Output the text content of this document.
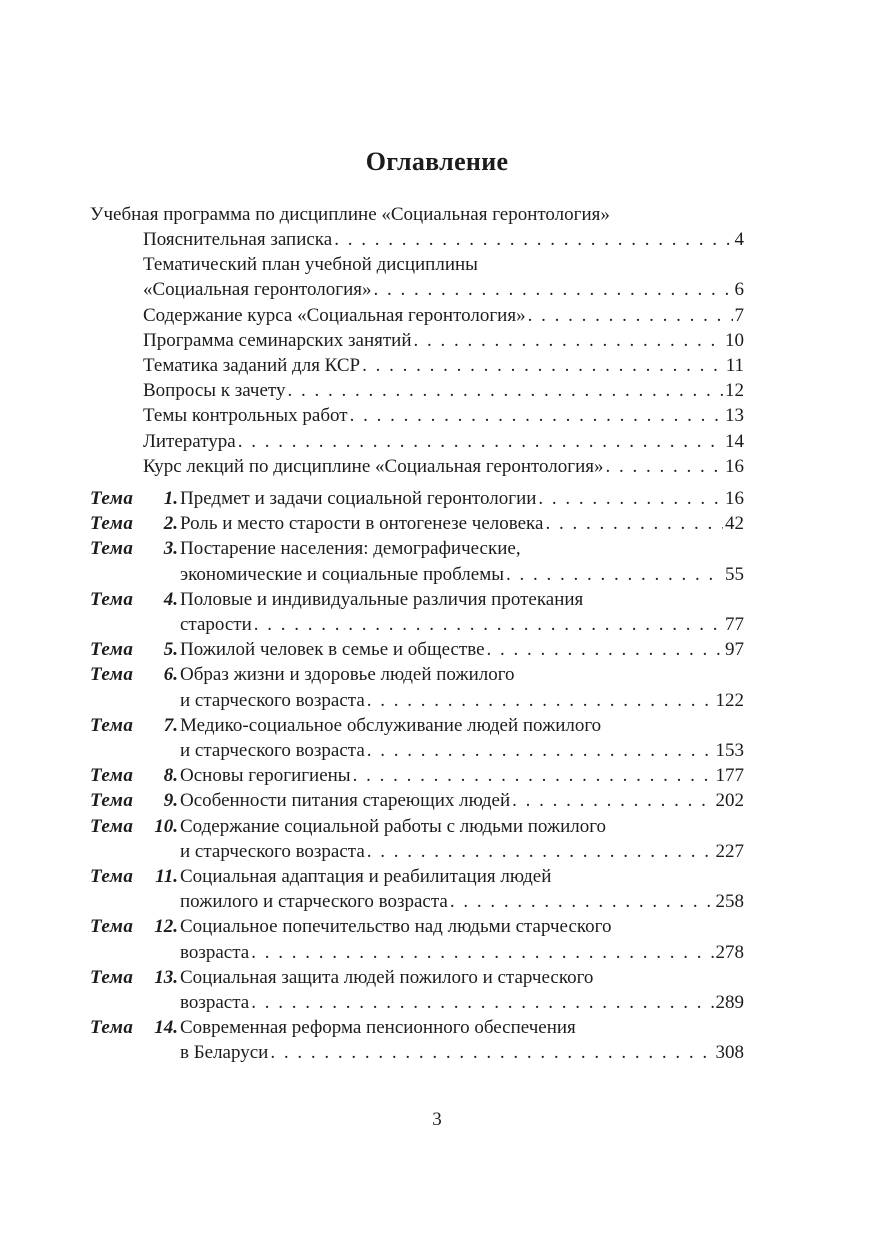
Оглавление
Учебная программа по дисциплине «Социальная геронтология»
Пояснительная записка . . .	4
Тематический план учебной дисциплины
«Социальная геронтология» . . .	6
Содержание курса «Социальная геронтология» . . .	7
Программа семинарских занятий . . .	10
Тематика заданий для КСР . . .	11
Вопросы к зачету . . .	12
Темы контрольных работ . . .	13
Литература . . .	14
Курс лекций по дисциплине «Социальная геронтология» . . .	16
Тема 1. Предмет и задачи социальной геронтологии . . .	16
Тема 2. Роль и место старости в онтогенезе человека . . .	42
Тема 3. Постарение населения: демографические,
экономические и социальные проблемы . . .	55
Тема 4. Половые и индивидуальные различия протекания
старости . . .	77
Тема 5. Пожилой человек в семье и обществе . . .	97
Тема 6. Образ жизни и здоровье людей пожилого
и старческого возраста . . .	122
Тема 7. Медико-социальное обслуживание людей пожилого
и старческого возраста . . .	153
Тема 8. Основы герогигиены . . .	177
Тема 9. Особенности питания стареющих людей . . .	202
Тема 10. Содержание социальной работы с людьми пожилого
и старческого возраста . . .	227
Тема 11. Социальная адаптация и реабилитация людей
пожилого и старческого возраста . . .	258
Тема 12. Социальное попечительство над людьми старческого
возраста . . .	278
Тема 13. Социальная защита людей пожилого и старческого
возраста . . .	289
Тема 14. Современная реформа пенсионного обеспечения
в Беларуси . . .	308
3
